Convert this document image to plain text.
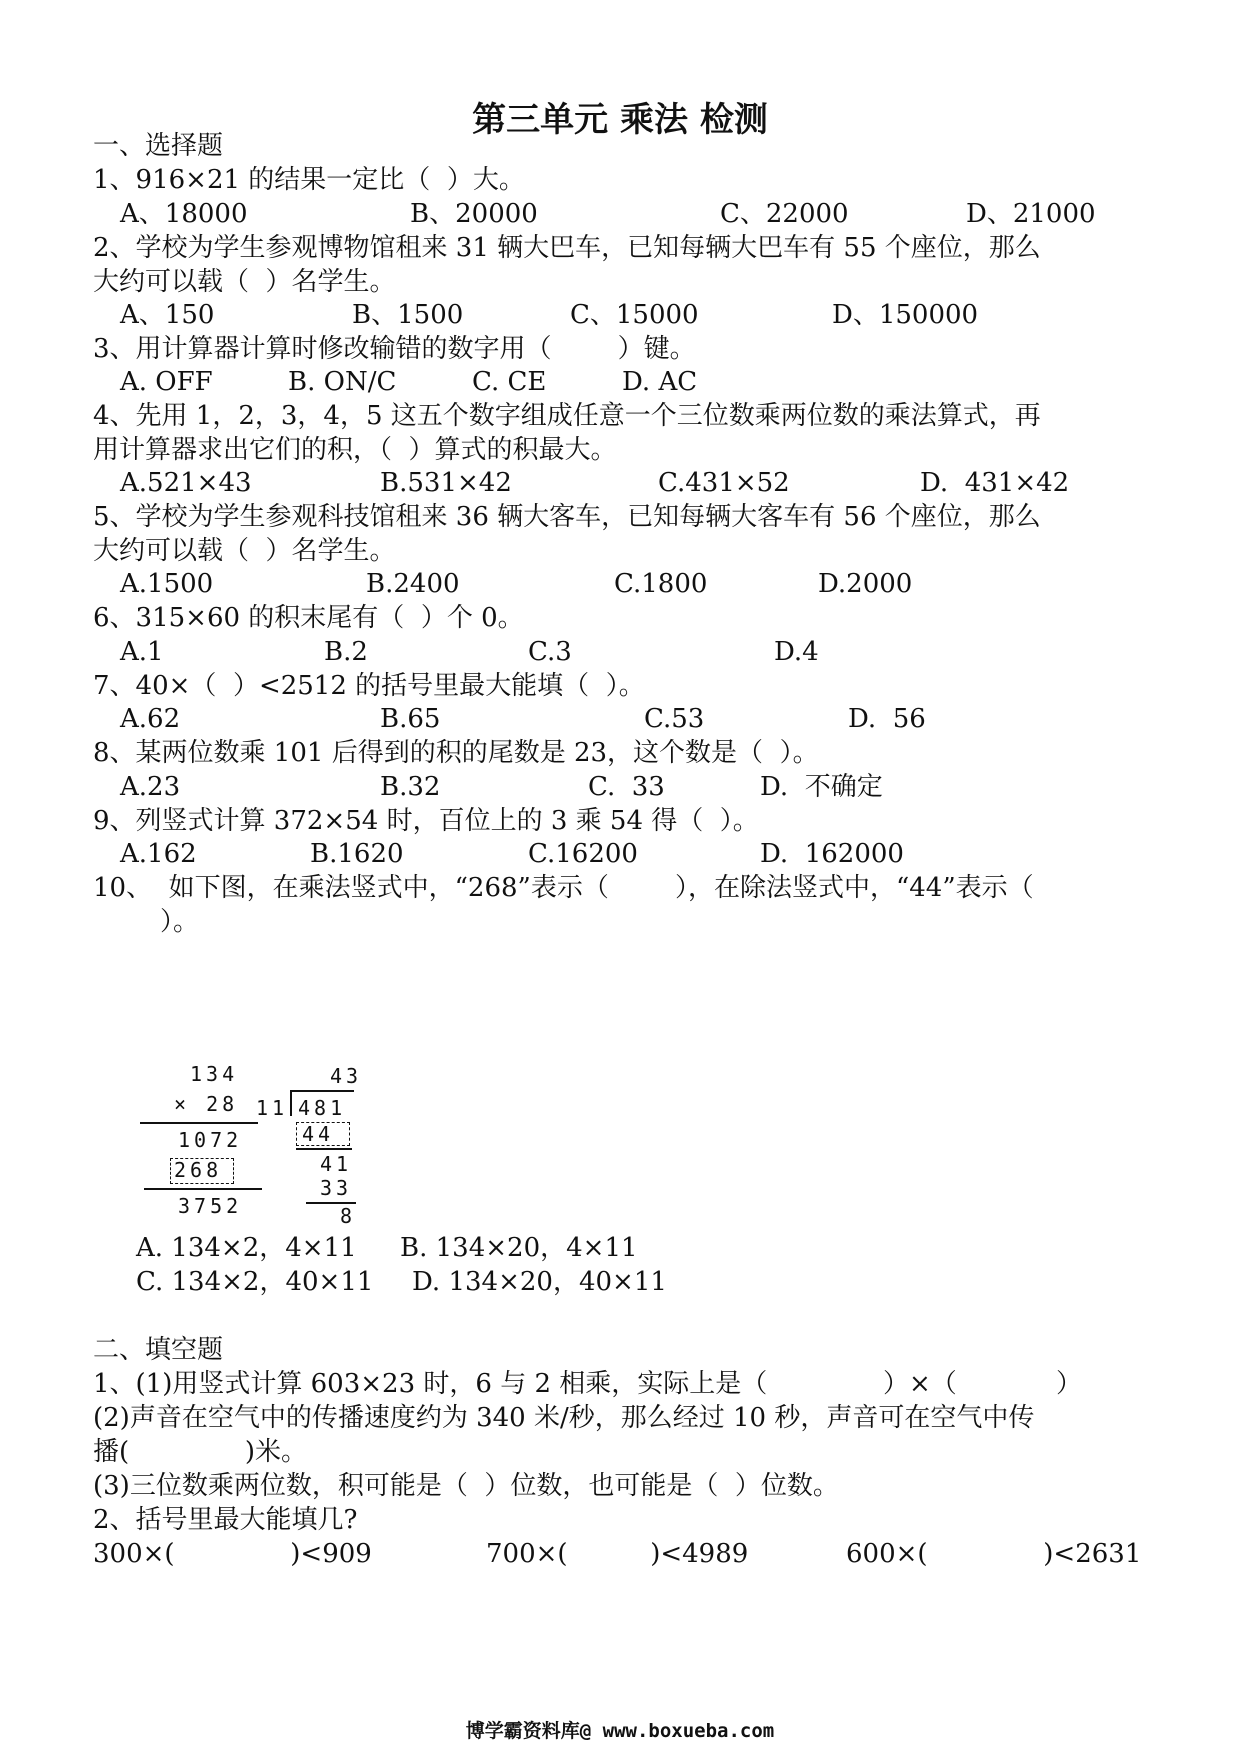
第三单元 乘法 检测
一、选择题
1、916×21 的结果一定比（  ）大。
A、18000	B、20000	C、22000	D、21000
2、学校为学生参观博物馆租来 31 辆大巴车，已知每辆大巴车有 55 个座位，那么
大约可以载（  ）名学生。
A、150	B、1500	C、15000	D、150000
3、用计算器计算时修改输错的数字用（        ）键。
A. OFF	B. ON/C	C. CE	D. AC
4、先用 1，2，3，4，5 这五个数字组成任意一个三位数乘两位数的乘法算式，再
用计算器求出它们的积，（  ）算式的积最大。
A.521×43	B.531×42	C.431×52	D.  431×42
5、学校为学生参观科技馆租来 36 辆大客车，已知每辆大客车有 56 个座位，那么
大约可以载（  ）名学生。
A.1500	B.2400	C.1800	D.2000
6、315×60 的积末尾有（  ）个 0。
A.1	B.2	C.3	D.4
7、40×（  ）<2512 的括号里最大能填（  ）。
A.62	B.65	C.53	D.  56
8、某两位数乘 101 后得到的积的尾数是 23，这个数是（  ）。
A.23	B.32	C.  33	D.  不确定
9、列竖式计算 372×54 时，百位上的 3 乘 54 得（  ）。
A.162	B.1620	C.16200	D.  162000
10、  如下图，在乘法竖式中，“268”表示（        ），在除法竖式中，“44”表示（
）。
134
× 28
1072
268
3752
43
11 481
44
41
33
8
A. 134×2，4×11 B. 134×20，4×11
C. 134×2，40×11 D. 134×20，40×11
二、填空题
1、(1)用竖式计算 603×23 时，6 与 2 相乘，实际上是（              ）×（            ）
(2)声音在空气中的传播速度约为 340 米/秒，那么经过 10 秒，声音可在空气中传
播(              )米。
(3)三位数乘两位数，积可能是（  ）位数，也可能是（  ）位数。
2、括号里最大能填几?
300×(              )<909	700×(          )<4989	600×(              )<2631
博学霸资料库@ www.boxueba.com
